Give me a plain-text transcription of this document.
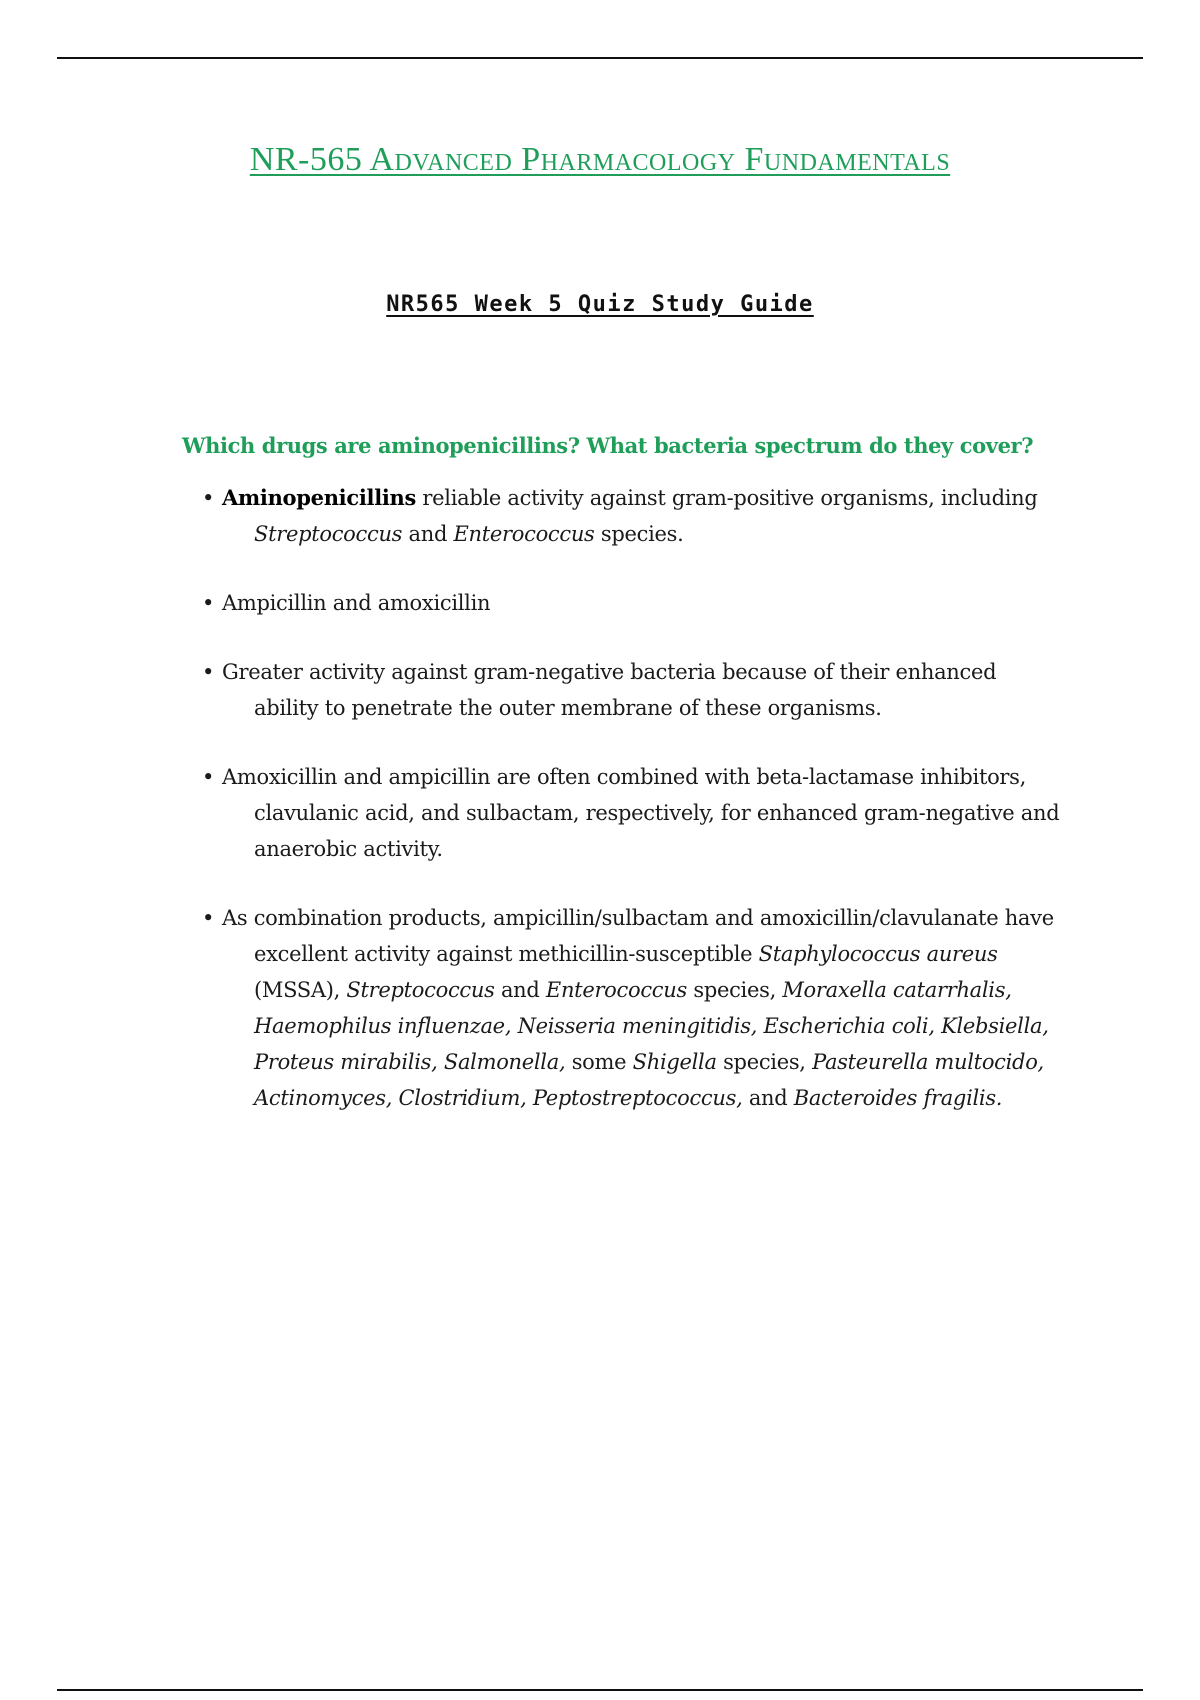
NR-565 Advanced Pharmacology Fundamentals
NR565 Week 5 Quiz Study Guide

Which drugs are aminopenicillins? What bacteria spectrum do they cover?

• Aminopenicillins reliable activity against gram-positive organisms, including Streptococcus and Enterococcus species.
• Ampicillin and amoxicillin
• Greater activity against gram-negative bacteria because of their enhanced ability to penetrate the outer membrane of these organisms.
• Amoxicillin and ampicillin are often combined with beta-lactamase inhibitors, clavulanic acid, and sulbactam, respectively, for enhanced gram-negative and anaerobic activity.
• As combination products, ampicillin/sulbactam and amoxicillin/clavulanate have excellent activity against methicillin-susceptible Staphylococcus aureus (MSSA), Streptococcus and Enterococcus species, Moraxella catarrhalis, Haemophilus influenzae, Neisseria meningitidis, Escherichia coli, Klebsiella, Proteus mirabilis, Salmonella, some Shigella species, Pasteurella multocido, Actinomyces, Clostridium, Peptostreptococcus, and Bacteroides fragilis.
